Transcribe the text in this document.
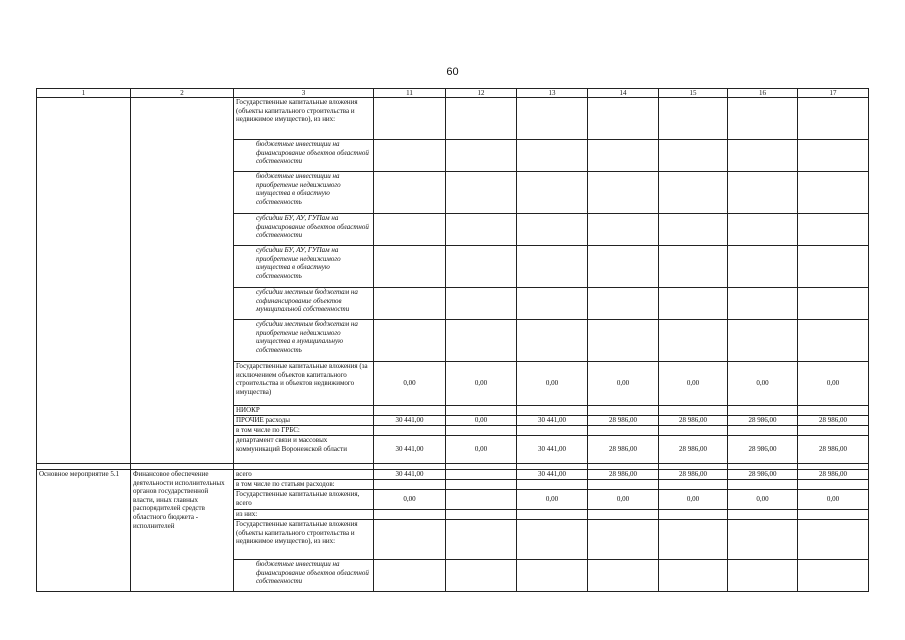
60
1	2	3	11	12	13	14	15	16	17
		Государственные капитальные вложения (объекты капитального строительства и недвижимое имущество), из них:							
		бюджетные инвестиции на финансирование объектов областной собственности							
		бюджетные инвестиции на приобретение недвижимого имущества в областную собственность							
		субсидии БУ, АУ, ГУПам на финансирование объектов областной собственности							
		субсидии БУ, АУ, ГУПам на приобретение недвижимого имущества в областную собственность							
		субсидии местным бюджетам на софинансирование объектов муниципальной собственности							
		субсидии местным бюджетам на приобретение недвижимого имущества в муниципальную собственность							
		Государственные капитальные вложения (за исключением объектов капитального строительства и объектов недвижимого имущества)	0,00	0,00	0,00	0,00	0,00	0,00	0,00
		НИОКР							
		ПРОЧИЕ расходы	30 441,00	0,00	30 441,00	28 986,00	28 986,00	28 986,00	28 986,00
		в том числе по ГРБС:							
		департамент связи и массовых коммуникаций Воронежской области	30 441,00	0,00	30 441,00	28 986,00	28 986,00	28 986,00	28 986,00

Основное мероприятие 5.1	Финансовое обеспечение деятельности исполнительных органов государственной власти, иных главных распорядителей средств областного бюджета - исполнителей	всего	30 441,00		30 441,00	28 986,00	28 986,00	28 986,00	28 986,00
		в том числе по статьям расходов:							
		Государственные капитальные вложения, всего	0,00		0,00	0,00	0,00	0,00	0,00
		из них:							
		Государственные капитальные вложения (объекты капитального строительства и недвижимое имущество), из них:							
		бюджетные инвестиции на финансирование объектов областной собственности							
